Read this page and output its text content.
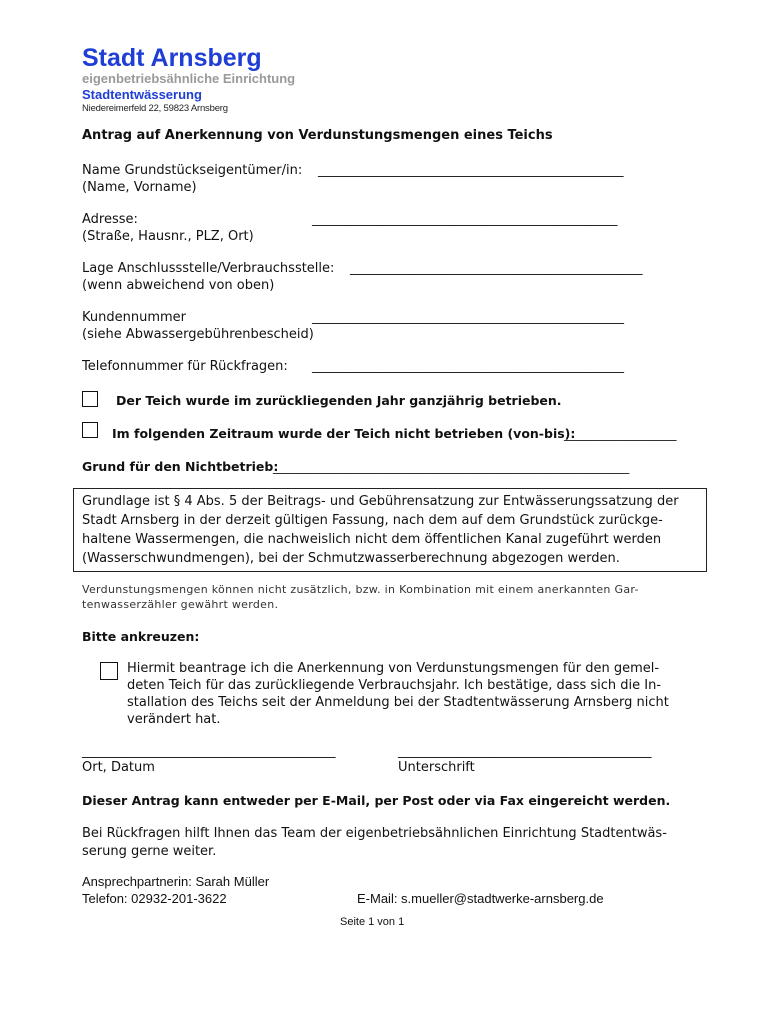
Stadt Arnsberg
eigenbetriebsähnliche Einrichtung
Stadtentwässerung
Niedereimerfeld 22, 59823 Arnsberg
Antrag auf Anerkennung von Verdunstungsmengen eines Teichs
Name Grundstückseigentümer/in: _______________________________________________
(Name, Vorname)
Adresse:	_______________________________________________
(Straße, Hausnr., PLZ, Ort)
Lage Anschlussstelle/Verbrauchsstelle: _____________________________________________
(wenn abweichend von oben)
Kundennummer	________________________________________________
(siehe Abwassergebührenbescheid)
Telefonnummer für Rückfragen: ________________________________________________
Der Teich wurde im zurückliegenden Jahr ganzjährig betrieben.
Im folgenden Zeitraum wurde der Teich nicht betrieben (von-bis):
__________________
Grund für den Nichtbetrieb:
_________________________________________________________
Grundlage ist § 4 Abs. 5 der Beitrags- und Gebührensatzung zur Entwässerungssatzung der
Stadt Arnsberg in der derzeit gültigen Fassung, nach dem auf dem Grundstück zurückge-
haltene Wassermengen, die nachweislich nicht dem öffentlichen Kanal zugeführt werden
(Wasserschwundmengen), bei der Schmutzwasserberechnung abgezogen werden.
Verdunstungsmengen können nicht zusätzlich, bzw. in Kombination mit einem anerkannten Gar-
tenwasserzähler gewährt werden.
Bitte ankreuzen:
Hiermit beantrage ich die Anerkennung von Verdunstungsmengen für den gemel-
deten Teich für das zurückliegende Verbrauchsjahr. Ich bestätige, dass sich die In-
stallation des Teichs seit der Anmeldung bei der Stadtentwässerung Arnsberg nicht
verändert hat.
_______________________________________
Ort, Datum
_______________________________________
Unterschrift
Dieser Antrag kann entweder per E-Mail, per Post oder via Fax eingereicht werden.
Bei Rückfragen hilft Ihnen das Team der eigenbetriebsähnlichen Einrichtung Stadtentwäs-
serung gerne weiter.
Ansprechpartnerin: Sarah Müller
Telefon: 02932-201-3622	E-Mail: s.mueller@stadtwerke-arnsberg.de
Seite 1 von 1
